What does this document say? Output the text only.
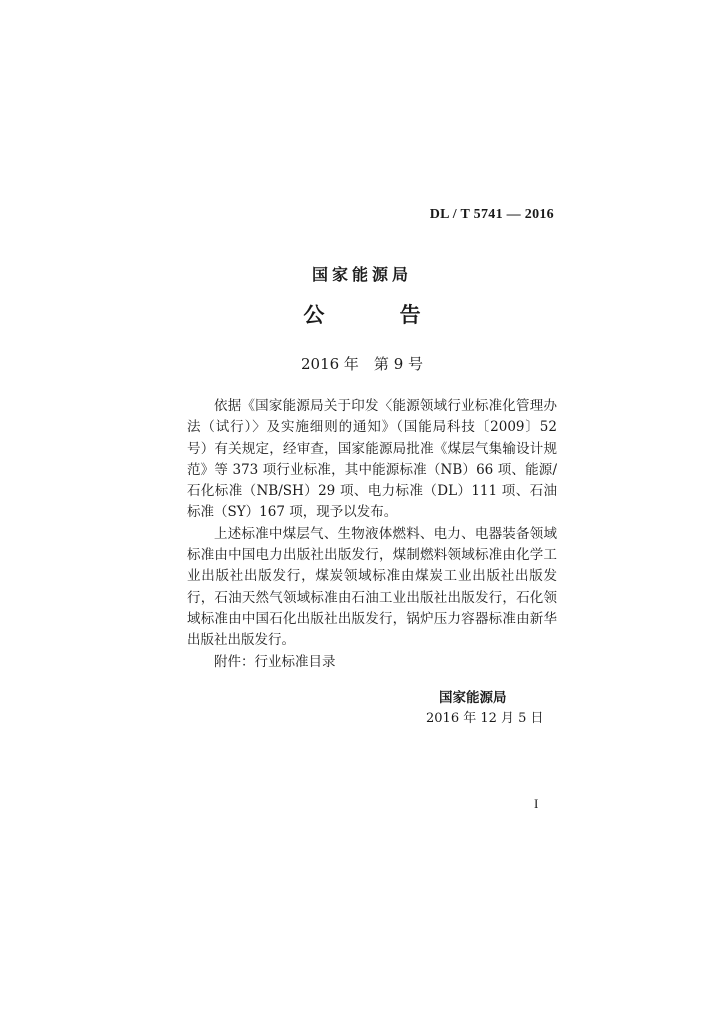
DL / T 5741 — 2016
国家能源局
公 告
2016 年　第 9 号

依据《国家能源局关于印发〈能源领域行业标准化管理办法（试行）〉及实施细则的通知》（国能局科技〔2009〕52 号）有关规定，经审查，国家能源局批准《煤层气集输设计规范》等 373 项行业标准，其中能源标准（NB）66 项、能源/石化标准（NB/SH）29 项、电力标准（DL）111 项、石油标准（SY）167 项，现予以发布。

上述标准中煤层气、生物液体燃料、电力、电器装备领域标准由中国电力出版社出版发行，煤制燃料领域标准由化学工业出版社出版发行，煤炭领域标准由煤炭工业出版社出版发行，石油天然气领域标准由石油工业出版社出版发行，石化领域标准由中国石化出版社出版发行，锅炉压力容器标准由新华出版社出版发行。

附件：行业标准目录
国家能源局
2016 年 12 月 5 日
I
